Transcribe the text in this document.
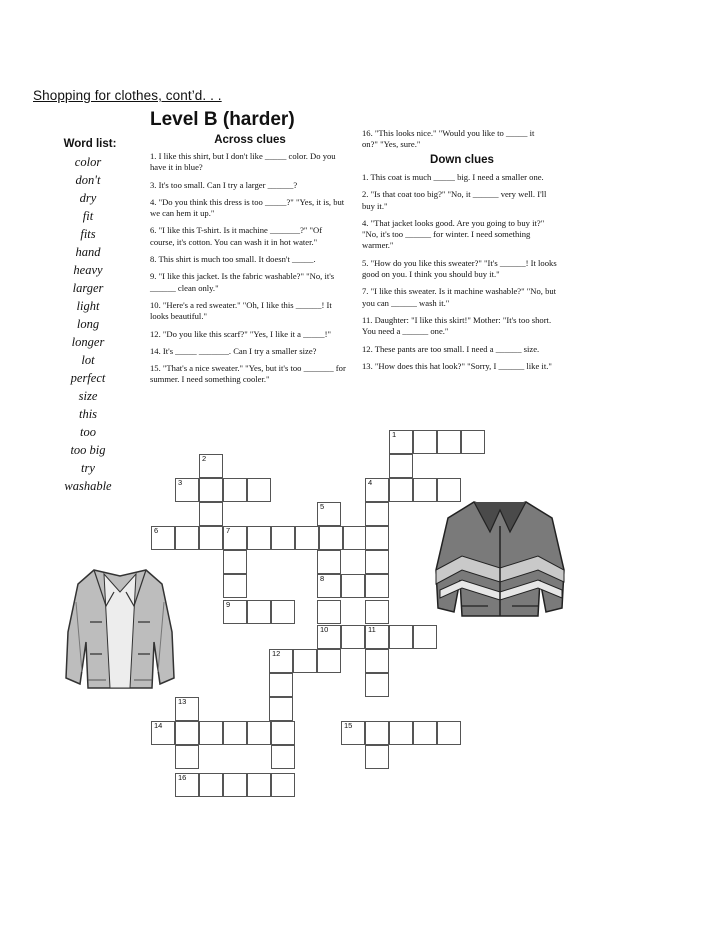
Shopping for clothes, cont’d. . .
Level B (harder)
Word list:
color
don't
dry
fit
fits
hand
heavy
larger
light
long
longer
lot
perfect
size
this
too
too big
try
washable
Across clues
1. I like this shirt, but I don't like _____ color. Do you have it in blue?
3. It's too small. Can I try a larger ______?
4. "Do you think this dress is too _____?" "Yes, it is, but we can hem it up."
6. "I like this T-shirt. Is it machine _______?" "Of course, it's cotton. You can wash it in hot water."
8. This shirt is much too small. It doesn't _____.
9. "I like this jacket. Is the fabric washable?" "No, it's ______ clean only."
10. "Here's a red sweater." "Oh, I like this ______! It looks beautiful."
12. "Do you like this scarf?" "Yes, I like it a _____!"
14. It's _____ _______. Can I try a smaller size?
15. "That's a nice sweater." "Yes, but it's too _______ for summer. I need something cooler."
16. "This looks nice." "Would you like to _____ it on?" "Yes, sure."
Down clues
1. This coat is much _____ big. I need a smaller one.
2. "Is that coat too big?" "No, it ______ very well. I'll buy it."
4. "That jacket looks good. Are you going to buy it?" "No, it's too ______ for winter. I need something warmer."
5. "How do you like this sweater?" "It's ______! It looks good on you. I think you should buy it."
7. "I like this sweater. Is it machine washable?" "No, but you can ______ wash it."
11. Daughter: "I like this skirt!" Mother: "It's too short. You need a ______ one."
12. These pants are too small. I need a ______ size.
13. "How does this hat look?" "Sorry, I ______ like it."
1
2
3	4
5
6	7
8
9
10	11
12
13
14	15
16
